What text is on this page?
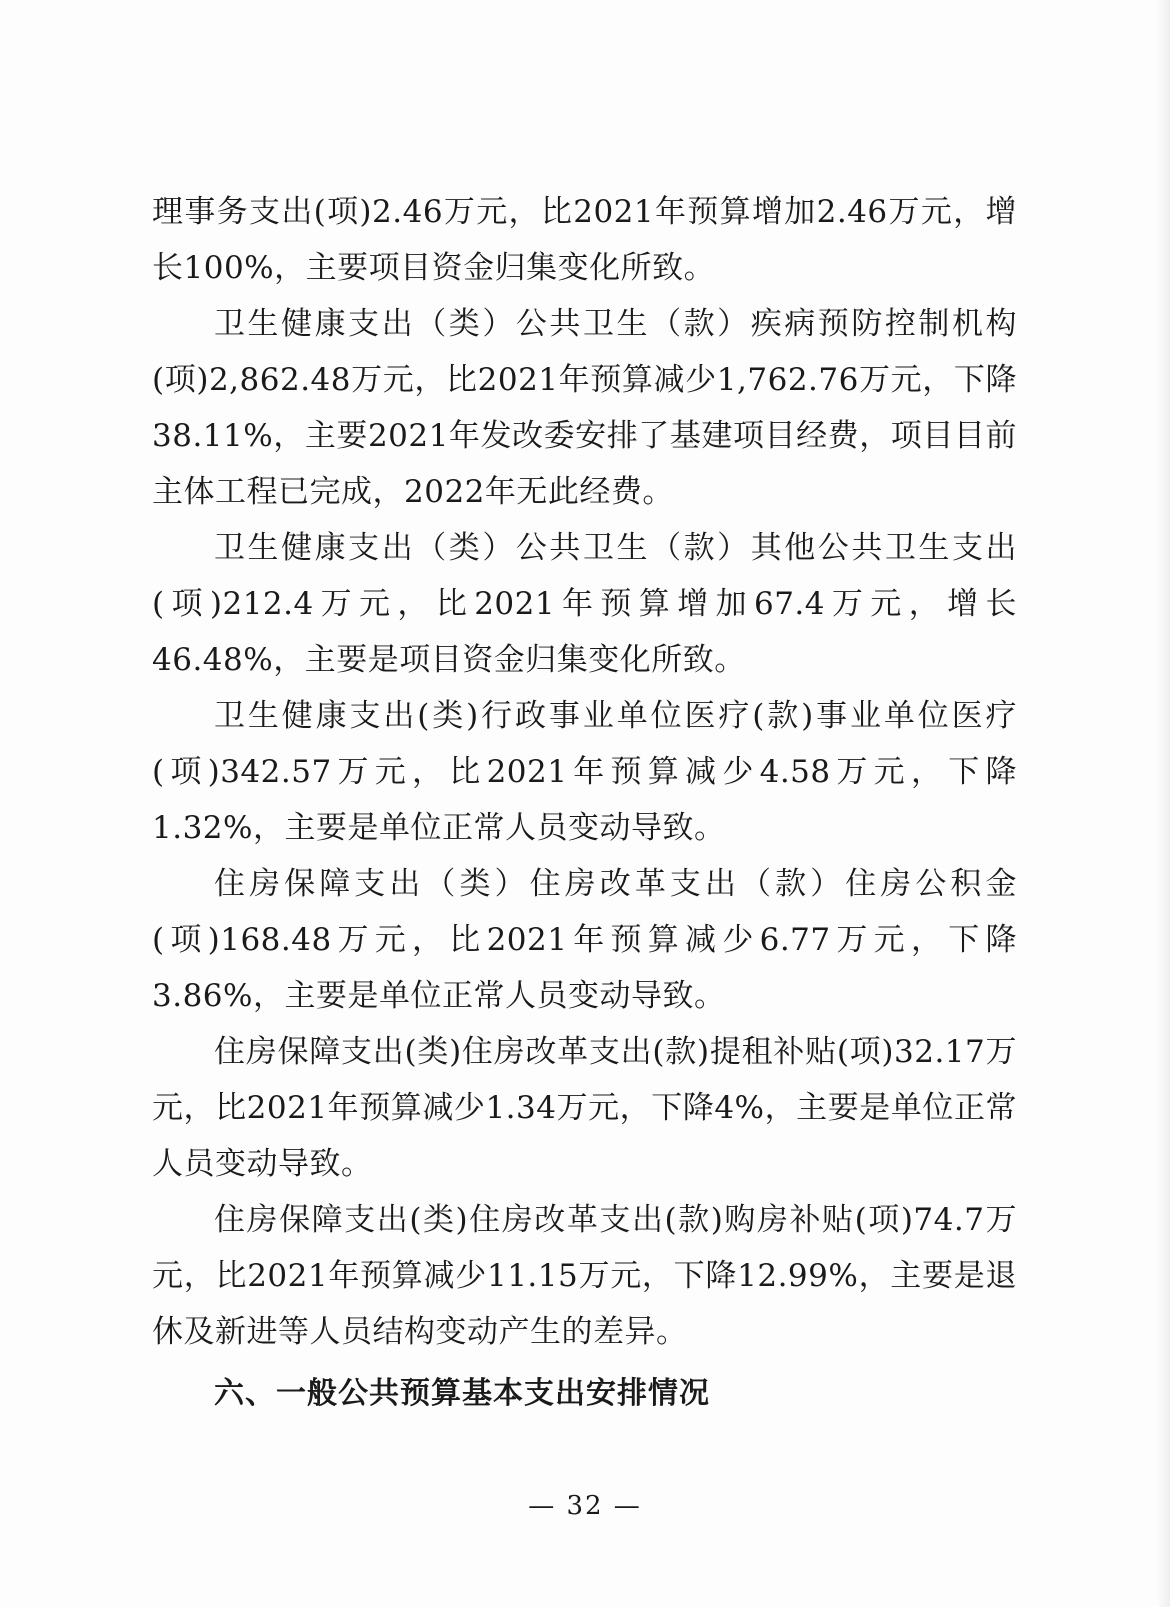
理事务支出(项)2.46万元，比2021年预算增加2.46万元，增长100%，主要项目资金归集变化所致。

卫生健康支出（类）公共卫生（款）疾病预防控制机构(项)2,862.48万元，比2021年预算减少1,762.76万元，下降38.11%，主要2021年发改委安排了基建项目经费，项目目前主体工程已完成，2022年无此经费。

卫生健康支出（类）公共卫生（款）其他公共卫生支出(项)212.4万元，比2021年预算增加67.4万元，增长46.48%，主要是项目资金归集变化所致。

卫生健康支出(类)行政事业单位医疗(款)事业单位医疗(项)342.57万元，比2021年预算减少4.58万元，下降1.32%，主要是单位正常人员变动导致。

住房保障支出（类）住房改革支出（款）住房公积金(项)168.48万元，比2021年预算减少6.77万元，下降3.86%，主要是单位正常人员变动导致。

住房保障支出(类)住房改革支出(款)提租补贴(项)32.17万元，比2021年预算减少1.34万元，下降4%，主要是单位正常人员变动导致。

住房保障支出(类)住房改革支出(款)购房补贴(项)74.7万元，比2021年预算减少11.15万元，下降12.99%，主要是退休及新进等人员结构变动产生的差异。

六、一般公共预算基本支出安排情况

— 32 —
